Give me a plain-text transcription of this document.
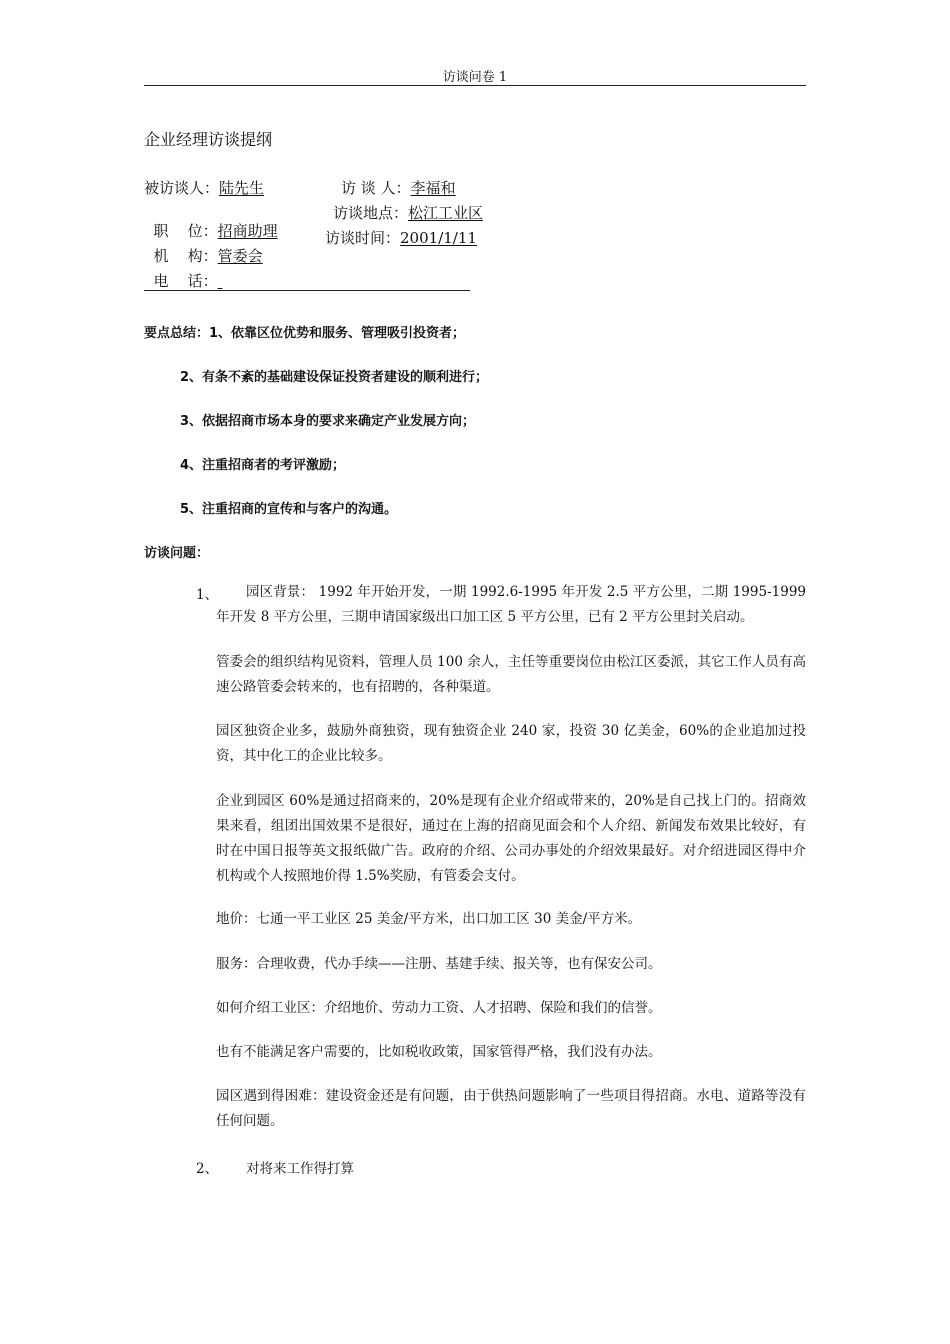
访谈问卷 1
企业经理访谈提纲
被访谈人：陆先生	访 谈 人：李福和

职    位：招商助理

访谈地点：松江工业区

机    构：管委会

访谈时间：2001/1/11

电    话：

要点总结：1、依靠区位优势和服务、管理吸引投资者；
2、有条不紊的基础建设保证投资者建设的顺利进行；
3、依据招商市场本身的要求来确定产业发展方向；
4、注重招商者的考评激励；
5、注重招商的宣传和与客户的沟通。
访谈问题：
1、	园区背景： 1992 年开始开发，一期 1992.6-1995 年开发 2.5 平方公里，二期 1995-1999 年开发 8 平方公里，三期申请国家级出口加工区 5 平方公里，已有 2 平方公里封关启动。
管委会的组织结构见资料，管理人员 100 余人，主任等重要岗位由松江区委派，其它工作人员有高速公路管委会转来的，也有招聘的，各种渠道。
园区独资企业多，鼓励外商独资，现有独资企业 240 家，投资 30 亿美金，60%的企业追加过投资，其中化工的企业比较多。
企业到园区 60%是通过招商来的，20%是现有企业介绍或带来的，20%是自己找上门的。招商效果来看，组团出国效果不是很好，通过在上海的招商见面会和个人介绍、新闻发布效果比较好，有时在中国日报等英文报纸做广告。政府的介绍、公司办事处的介绍效果最好。对介绍进园区得中介机构或个人按照地价得 1.5%奖励，有管委会支付。
地价：七通一平工业区 25 美金/平方米，出口加工区 30 美金/平方米。
服务：合理收费，代办手续——注册、基建手续、报关等，也有保安公司。
如何介绍工业区：介绍地价、劳动力工资、人才招聘、保险和我们的信誉。
也有不能满足客户需要的，比如税收政策，国家管得严格，我们没有办法。
园区遇到得困难：建设资金还是有问题，由于供热问题影响了一些项目得招商。水电、道路等没有任何问题。
2、 对将来工作得打算
